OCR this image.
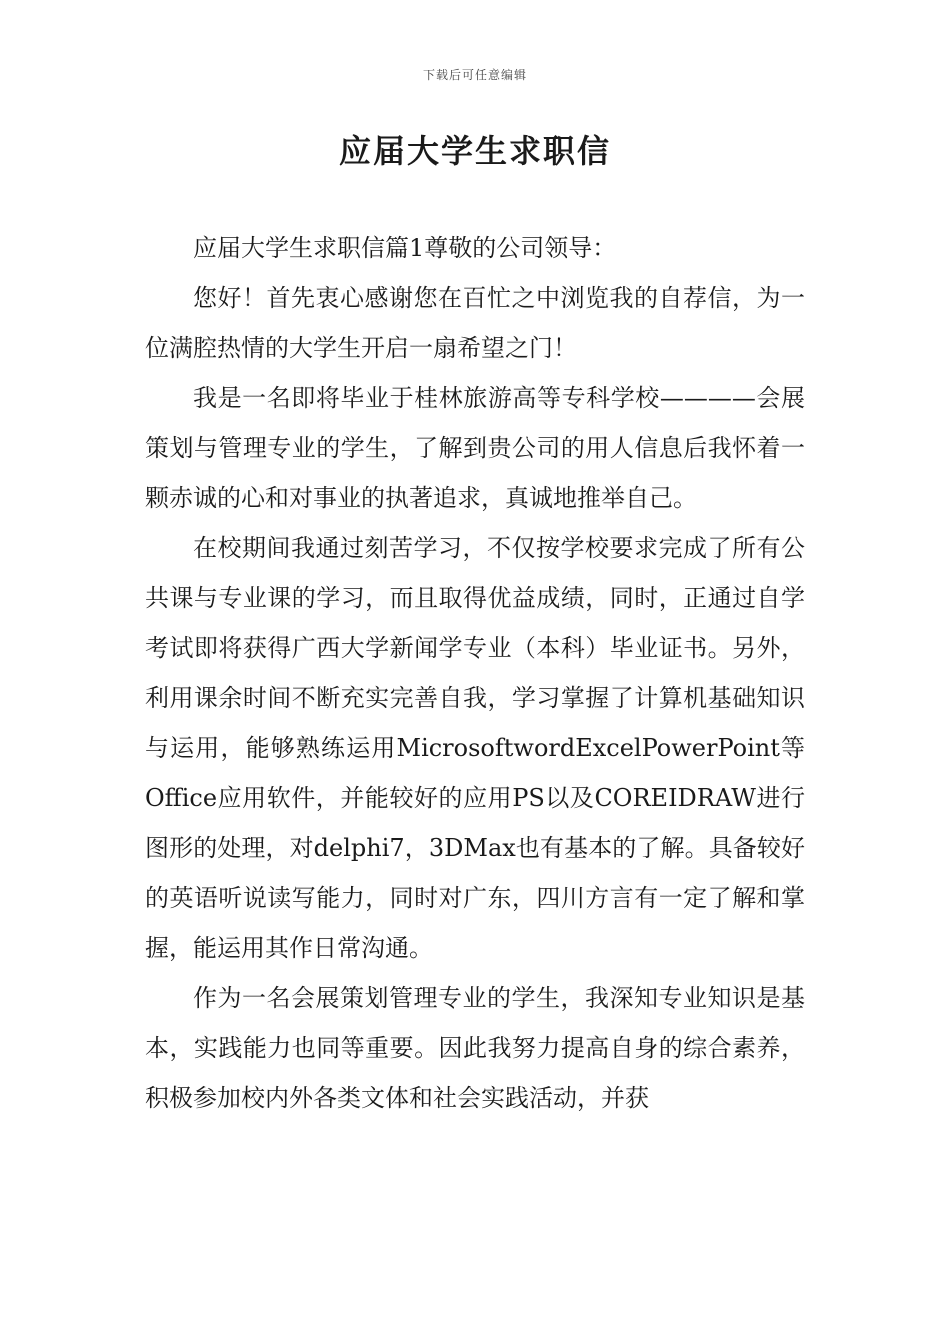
下载后可任意编辑
应届大学生求职信

应届大学生求职信篇1尊敬的公司领导：

您好！首先衷心感谢您在百忙之中浏览我的自荐信，为一位满腔热情的大学生开启一扇希望之门！

我是一名即将毕业于桂林旅游高等专科学校————会展策划与管理专业的学生，了解到贵公司的用人信息后我怀着一颗赤诚的心和对事业的执著追求，真诚地推举自己。

在校期间我通过刻苦学习，不仅按学校要求完成了所有公共课与专业课的学习，而且取得优益成绩，同时，正通过自学考试即将获得广西大学新闻学专业（本科）毕业证书。另外，利用课余时间不断充实完善自我，学习掌握了计算机基础知识与运用，能够熟练运用MicrosoftwordExcelPowerPoint等Office应用软件，并能较好的应用PS以及COREIDRAW进行图形的处理，对delphi7，3DMax也有基本的了解。具备较好的英语听说读写能力，同时对广东，四川方言有一定了解和掌握，能运用其作日常沟通。

作为一名会展策划管理专业的学生，我深知专业知识是基本，实践能力也同等重要。因此我努力提高自身的综合素养，积极参加校内外各类文体和社会实践活动，并获
